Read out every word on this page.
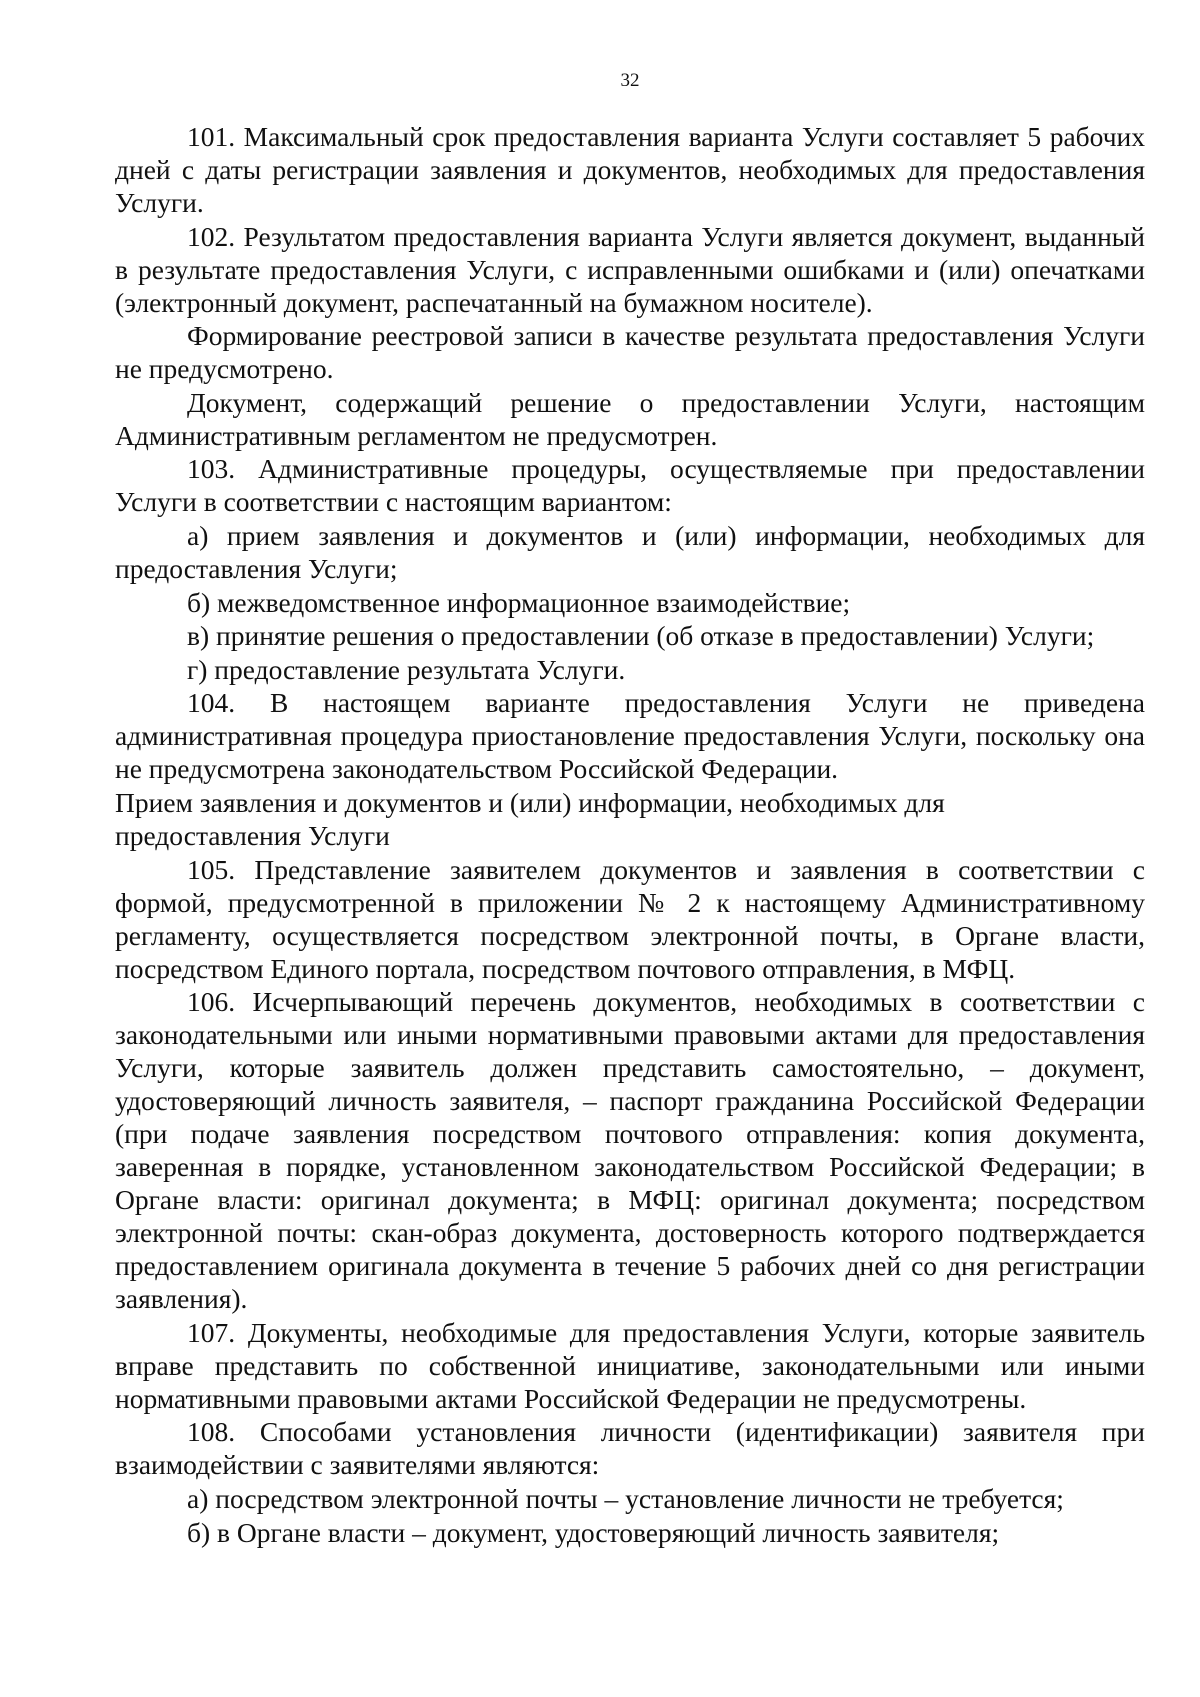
32

101. Максимальный срок предоставления варианта Услуги составляет 5 рабочих дней с даты регистрации заявления и документов, необходимых для предоставления Услуги.

102. Результатом предоставления варианта Услуги является документ, выданный в результате предоставления Услуги, с исправленными ошибками и (или) опечатками (электронный документ, распечатанный на бумажном носителе).

Формирование реестровой записи в качестве результата предоставления Услуги не предусмотрено.

Документ, содержащий решение о предоставлении Услуги, настоящим Административным регламентом не предусмотрен.

103. Административные процедуры, осуществляемые при предоставлении Услуги в соответствии с настоящим вариантом:

а) прием заявления и документов и (или) информации, необходимых для предоставления Услуги;

б) межведомственное информационное взаимодействие;

в) принятие решения о предоставлении (об отказе в предоставлении) Услуги;

г) предоставление результата Услуги.

104. В настоящем варианте предоставления Услуги не приведена административная процедура приостановление предоставления Услуги, поскольку она не предусмотрена законодательством Российской Федерации.

Прием заявления и документов и (или) информации, необходимых для
предоставления Услуги

105. Представление заявителем документов и заявления в соответствии с формой, предусмотренной в приложении № 2 к настоящему Административному регламенту, осуществляется посредством электронной почты, в Органе власти, посредством Единого портала, посредством почтового отправления, в МФЦ.

106. Исчерпывающий перечень документов, необходимых в соответствии с законодательными или иными нормативными правовыми актами для предоставления Услуги, которые заявитель должен представить самостоятельно, – документ, удостоверяющий личность заявителя, – паспорт гражданина Российской Федерации (при подаче заявления посредством почтового отправления: копия документа, заверенная в порядке, установленном законодательством Российской Федерации; в Органе власти: оригинал документа; в МФЦ: оригинал документа; посредством электронной почты: скан-образ документа, достоверность которого подтверждается предоставлением оригинала документа в течение 5 рабочих дней со дня регистрации заявления).

107. Документы, необходимые для предоставления Услуги, которые заявитель вправе представить по собственной инициативе, законодательными или иными нормативными правовыми актами Российской Федерации не предусмотрены.

108. Способами установления личности (идентификации) заявителя при взаимодействии с заявителями являются:

а) посредством электронной почты – установление личности не требуется;

б) в Органе власти – документ, удостоверяющий личность заявителя;
